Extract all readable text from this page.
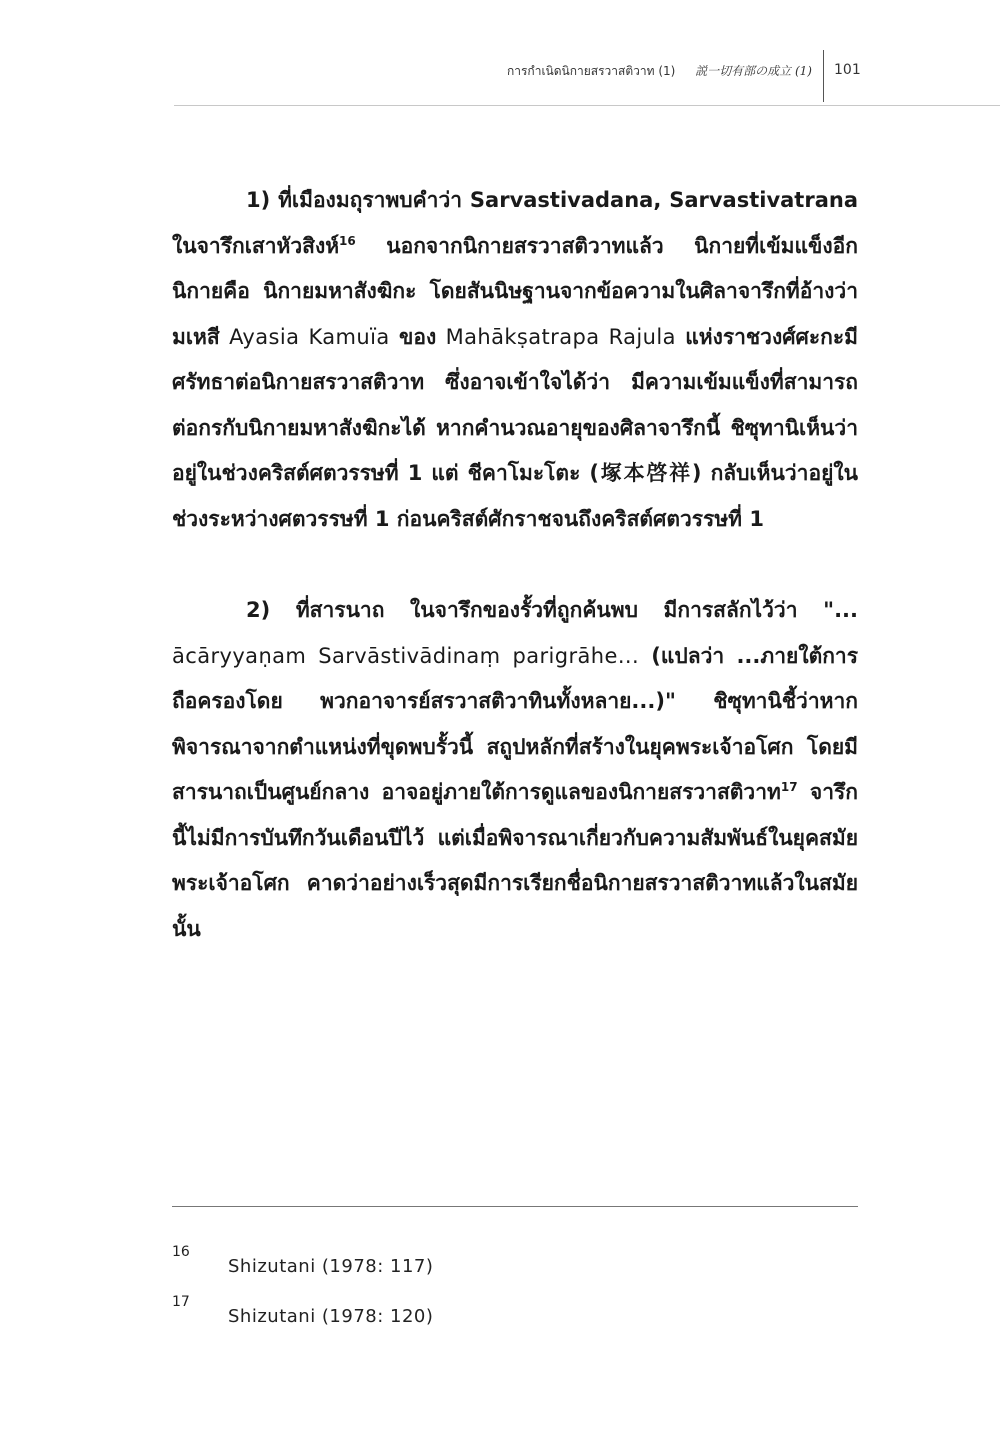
การกำเนิดนิกายสรวาสติวาท (1) 説一切有部の成立 (1) 101

1) ที่เมืองมถุราพบคำว่า Sarvastivadana, Sarvastivatrana ในจารึกเสาหัวสิงห์$^{16}$ นอกจากนิกายสรวาสติวาทแล้ว นิกายที่เข้มแข็งอีกนิกายคือ นิกายมหาสังฆิกะ โดยสันนิษฐานจากข้อความในศิลาจารึกที่อ้างว่า มเหสี Ayasia Kamuïa ของ Mahākṣatrapa Rajula แห่งราชวงศ์ศะกะมีศรัทธาต่อนิกายสรวาสติวาท ซึ่งอาจเข้าใจได้ว่า มีความเข้มแข็งที่สามารถต่อกรกับนิกายมหาสังฆิกะได้ หากคำนวณอายุของศิลาจารึกนี้ ชิซุทานิเห็นว่าอยู่ในช่วงคริสต์ศตวรรษที่ 1 แต่ ชีคาโมะโตะ (塚本啓祥) กลับเห็นว่าอยู่ในช่วงระหว่างศตวรรษที่ 1 ก่อนคริสต์ศักราชจนถึงคริสต์ศตวรรษที่ 1

2) ที่สารนาถ ในจารึกของรั้วที่ถูกค้นพบ มีการสลักไว้ว่า "... ācāryyaṇam Sarvāstivādinaṃ parigrāhe... (แปลว่า ...ภายใต้การถือครองโดย พวกอาจารย์สรวาสติวาทินทั้งหลาย...)" ชิซุทานิชี้ว่าหากพิจารณาจากตำแหน่งที่ขุดพบรั้วนี้ สถูปหลักที่สร้างในยุคพระเจ้าอโศก โดยมีสารนาถเป็นศูนย์กลาง อาจอยู่ภายใต้การดูแลของนิกายสรวาสติวาท$^{17}$ จารึกนี้ไม่มีการบันทึกวันเดือนปีไว้ แต่เมื่อพิจารณาเกี่ยวกับความสัมพันธ์ในยุคสมัยพระเจ้าอโศก คาดว่าอย่างเร็วสุดมีการเรียกชื่อนิกายสรวาสติวาทแล้วในสมัยนั้น

16
Shizutani (1978: 117)
17
Shizutani (1978: 120)
